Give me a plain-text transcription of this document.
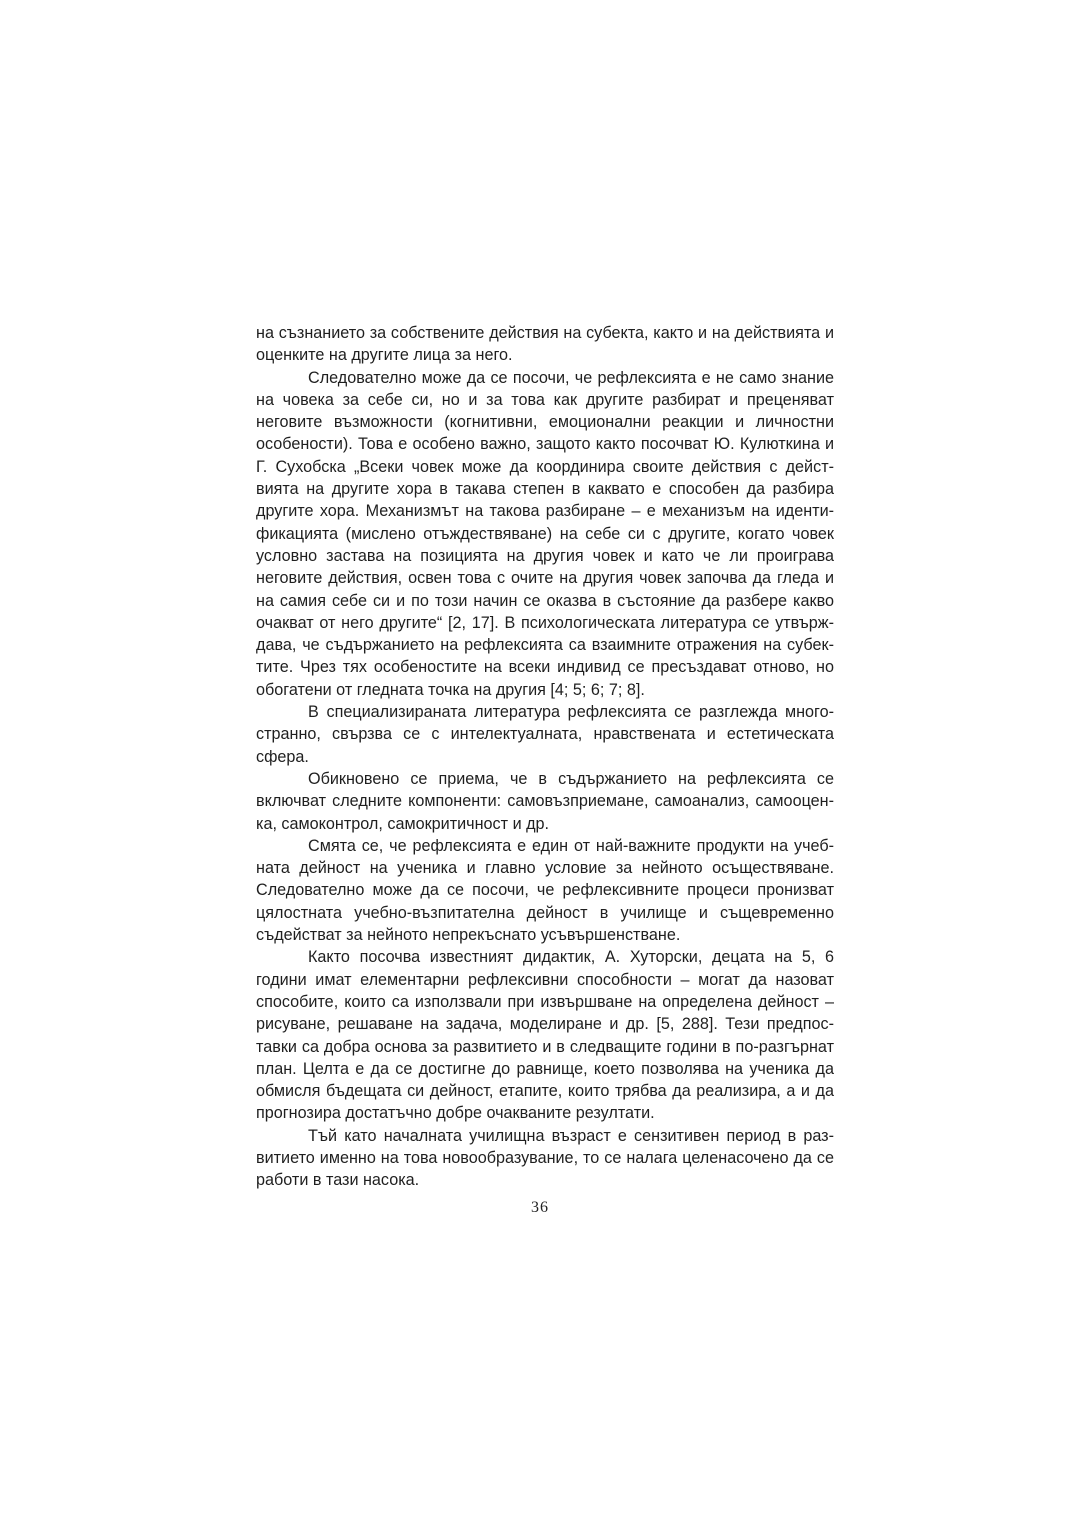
на съзнанието за собствените действия на субекта, както и на действията и оценките на другите лица за него.

Следователно може да се посочи, че рефлексията е не само знание на човека за себе си, но и за това как другите разбират и преценяват неговите възможности (когнитивни, емоционални реакции и личностни особености). Това е особено важно, защото както посочват Ю. Кулюткина и Г. Сухобска „Всеки човек може да координира своите действия с действията на другите хора в такава степен в каквато е способен да разбира другите хора. Механизмът на такова разбиране – е механизъм на идентификацията (мислено отъждествяване) на себе си с другите, когато човек условно застава на позицията на другия човек и като че ли проиграва неговите действия, освен това с очите на другия човек започва да гледа и на самия себе си и по този начин се оказва в състояние да разбере какво очакват от него другите“ [2, 17]. В психологическата литература се утвърждава, че съдържанието на рефлексията са взаимните отражения на субектите. Чрез тях особеностите на всеки индивид се пресъздават отново, но обогатени от гледната точка на другия [4; 5; 6; 7; 8].

В специализираната литература рефлексията се разглежда многостранно, свързва се с интелектуалната, нравствената и естетическата сфера.

Обикновено се приема, че в съдържанието на рефлексията се включват следните компоненти: самовъзприемане, самоанализ, самооценка, самоконтрол, самокритичност и др.

Смята се, че рефлексията е един от най-важните продукти на учебната дейност на ученика и главно условие за нейното осъществяване. Следователно може да се посочи, че рефлексивните процеси пронизват цялостната учебно-възпитателна дейност в училище и същевременно съдействат за нейното непрекъснато усъвършенстване.

Както посочва известният дидактик, А. Хуторски, децата на 5, 6 години имат елементарни рефлексивни способности – могат да назоват способите, които са използвали при извършване на определена дейност – рисуване, решаване на задача, моделиране и др. [5, 288]. Тези предпоставки са добра основа за развитието и в следващите години в по-разгърнат план. Целта е да се достигне до равнище, което позволява на ученика да обмисля бъдещата си дейност, етапите, които трябва да реализира, а и да прогнозира достатъчно добре очакваните резултати.

Тъй като началната училищна възраст е сензитивен период в развитието именно на това новообразувание, то се налага целенасочено да се работи в тази насока.

36
